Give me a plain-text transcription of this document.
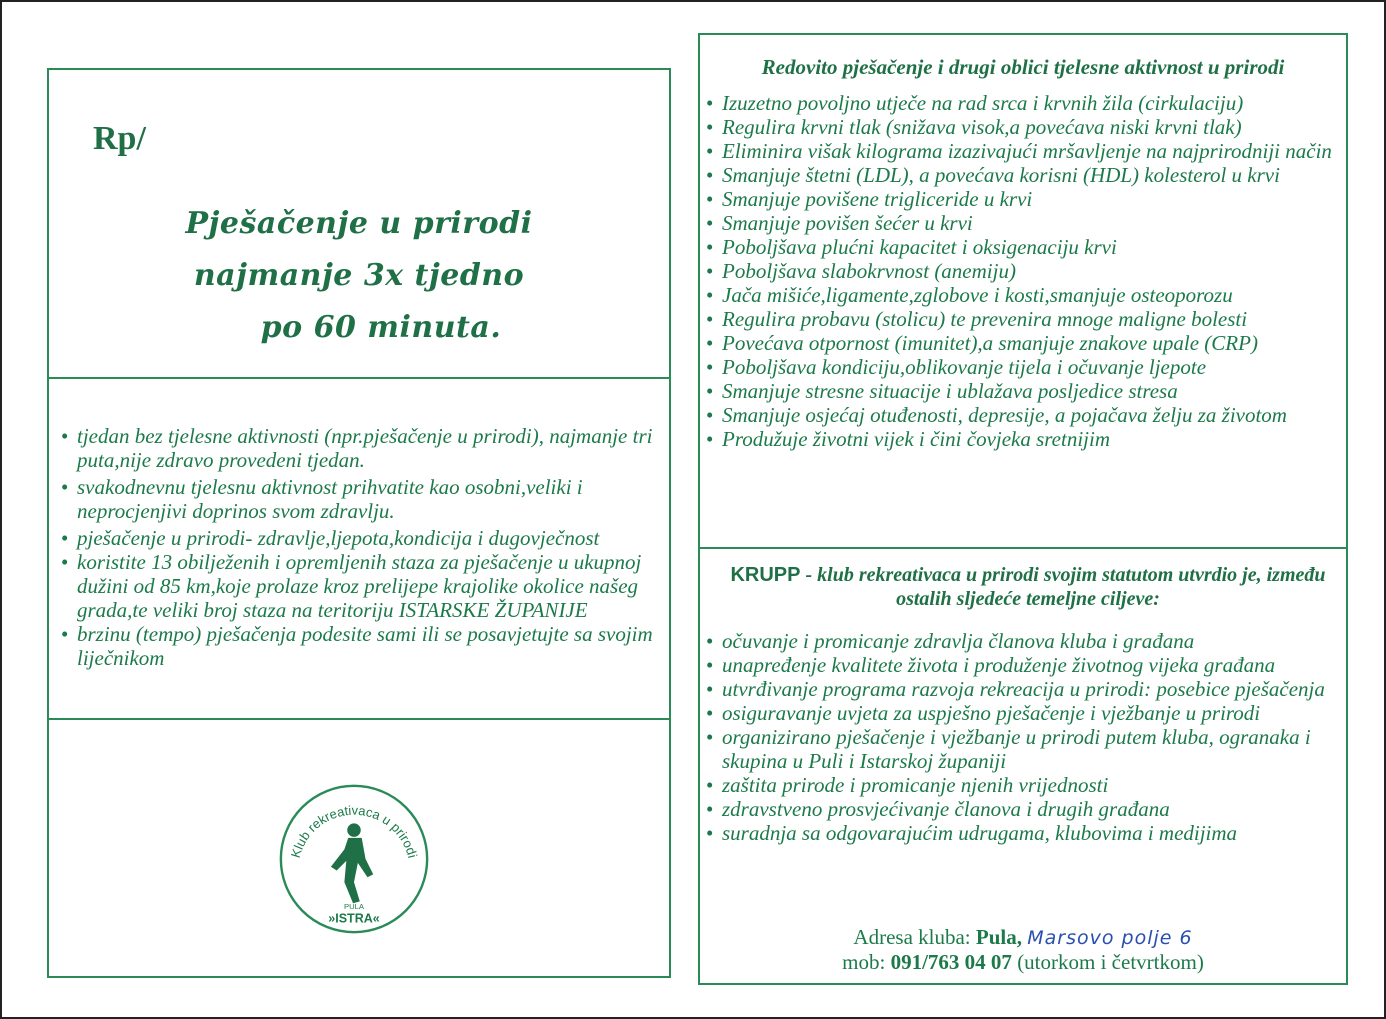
Rp/
Pješačenje u prirodi
najmanje 3x tjedno
po 60 minuta.
• tjedan bez tjelesne aktivnosti (npr.pješačenje u prirodi), najmanje tri puta,nije zdravo provedeni tjedan.
• svakodnevnu tjelesnu aktivnost prihvatite kao osobni,veliki i neprocjenjivi doprinos svom zdravlju.
• pješačenje u prirodi- zdravlje,ljepota,kondicija i dugovječnost
• koristite 13 obilježenih i opremljenih staza za pješačenje u ukupnoj dužini od 85 km,koje prolaze kroz prelijepe krajolike okolice našeg grada,te veliki broj staza na teritoriju ISTARSKE ŽUPANIJE
• brzinu (tempo) pješačenja podesite sami ili se posavjetujte sa svojim liječnikom
Klub rekreativaca u prirodi
PULA
»ISTRA«
Redovito pješačenje i drugi oblici tjelesne aktivnost u prirodi
• Izuzetno povoljno utječe na rad srca i krvnih žila (cirkulaciju)
• Regulira krvni tlak (snižava visok,a povećava niski krvni tlak)
• Eliminira višak kilograma izazivajući mršavljenje na najprirodniji način
• Smanjuje štetni (LDL), a povećava korisni (HDL) kolesterol u krvi
• Smanjuje povišene trigliceride u krvi
• Smanjuje povišen šećer u krvi
• Poboljšava plućni kapacitet i oksigenaciju krvi
• Poboljšava slabokrvnost (anemiju)
• Jača mišiće,ligamente,zglobove i kosti,smanjuje osteoporozu
• Regulira probavu (stolicu) te prevenira mnoge maligne bolesti
• Povećava otpornost (imunitet),a smanjuje znakove upale (CRP)
• Poboljšava kondiciju,oblikovanje tijela i očuvanje ljepote
• Smanjuje stresne situacije i ublažava posljedice stresa
• Smanjuje osjećaj otuđenosti, depresije, a pojačava želju za životom
• Produžuje životni vijek i čini čovjeka sretnijim
KRUPP - klub rekreativaca u prirodi svojim statutom utvrdio je, između ostalih sljedeće temeljne ciljeve:
• očuvanje i promicanje zdravlja članova kluba i građana
• unapređenje kvalitete života i produženje životnog vijeka građana
• utvrđivanje programa razvoja rekreacija u prirodi: posebice pješačenja
• osiguravanje uvjeta za uspješno pješačenje i vježbanje u prirodi
• organizirano pješačenje i vježbanje u prirodi putem kluba, ogranaka i skupina u Puli i Istarskoj županiji
• zaštita prirode i promicanje njenih vrijednosti
• zdravstveno prosvjećivanje članova i drugih građana
• suradnja sa odgovarajućim udrugama, klubovima i medijima
Adresa kluba: Pula, Marsovo polje 6
mob: 091/763 04 07 (utorkom i četvrtkom)
